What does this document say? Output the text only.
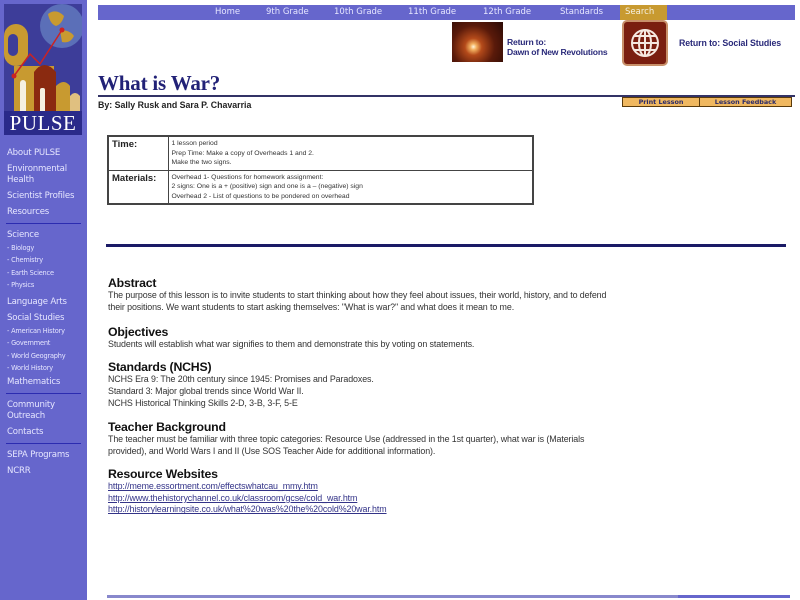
PULSE
About PULSE
Environmental Health
Scientist Profiles
Resources
Science
- Biology
- Chemistry
- Earth Science
- Physics
Language Arts
Social Studies
- American History
- Government
- World Geography
- World History
Mathematics
Community Outreach
Contacts
SEPA Programs
NCRR
Home	9th Grade	10th Grade	11th Grade	12th Grade	Standards	Search
Return to:
Dawn of New Revolutions
Return to: Social Studies
What is War?
By: Sally Rusk and Sara P. Chavarria	Print Lesson	Lesson Feedback
Time:	1 lesson period
Prep Time: Make a copy of Overheads 1 and 2.
Make the two signs.

Materials:	Overhead 1- Questions for homework assignment:
2 signs: One is a + (positive) sign and one is a – (negative) sign
Overhead 2 - List of questions to be pondered on overhead
Abstract

The purpose of this lesson is to invite students to start thinking about how they feel about issues, their world, history, and to defend their positions. We want students to start asking themselves: "What is war?" and what does it mean to me.

Objectives

Students will establish what war signifies to them and demonstrate this by voting on statements.

Standards (NCHS)

NCHS Era 9: The 20th century since 1945: Promises and Paradoxes.

Standard 3: Major global trends since World War II.

NCHS Historical Thinking Skills 2-D, 3-B, 3-F, 5-E

Teacher Background

The teacher must be familiar with three topic categories: Resource Use (addressed in the 1st quarter), what war is (Materials provided), and World Wars I and II (Use SOS Teacher Aide for additional information).

Resource Websites
http://meme.essortment.com/effectswhatcau_mmy.htm
http://www.thehistorychannel.co.uk/classroom/gcse/cold_war.htm
http://historylearningsite.co.uk/what%20was%20the%20cold%20war.htm
